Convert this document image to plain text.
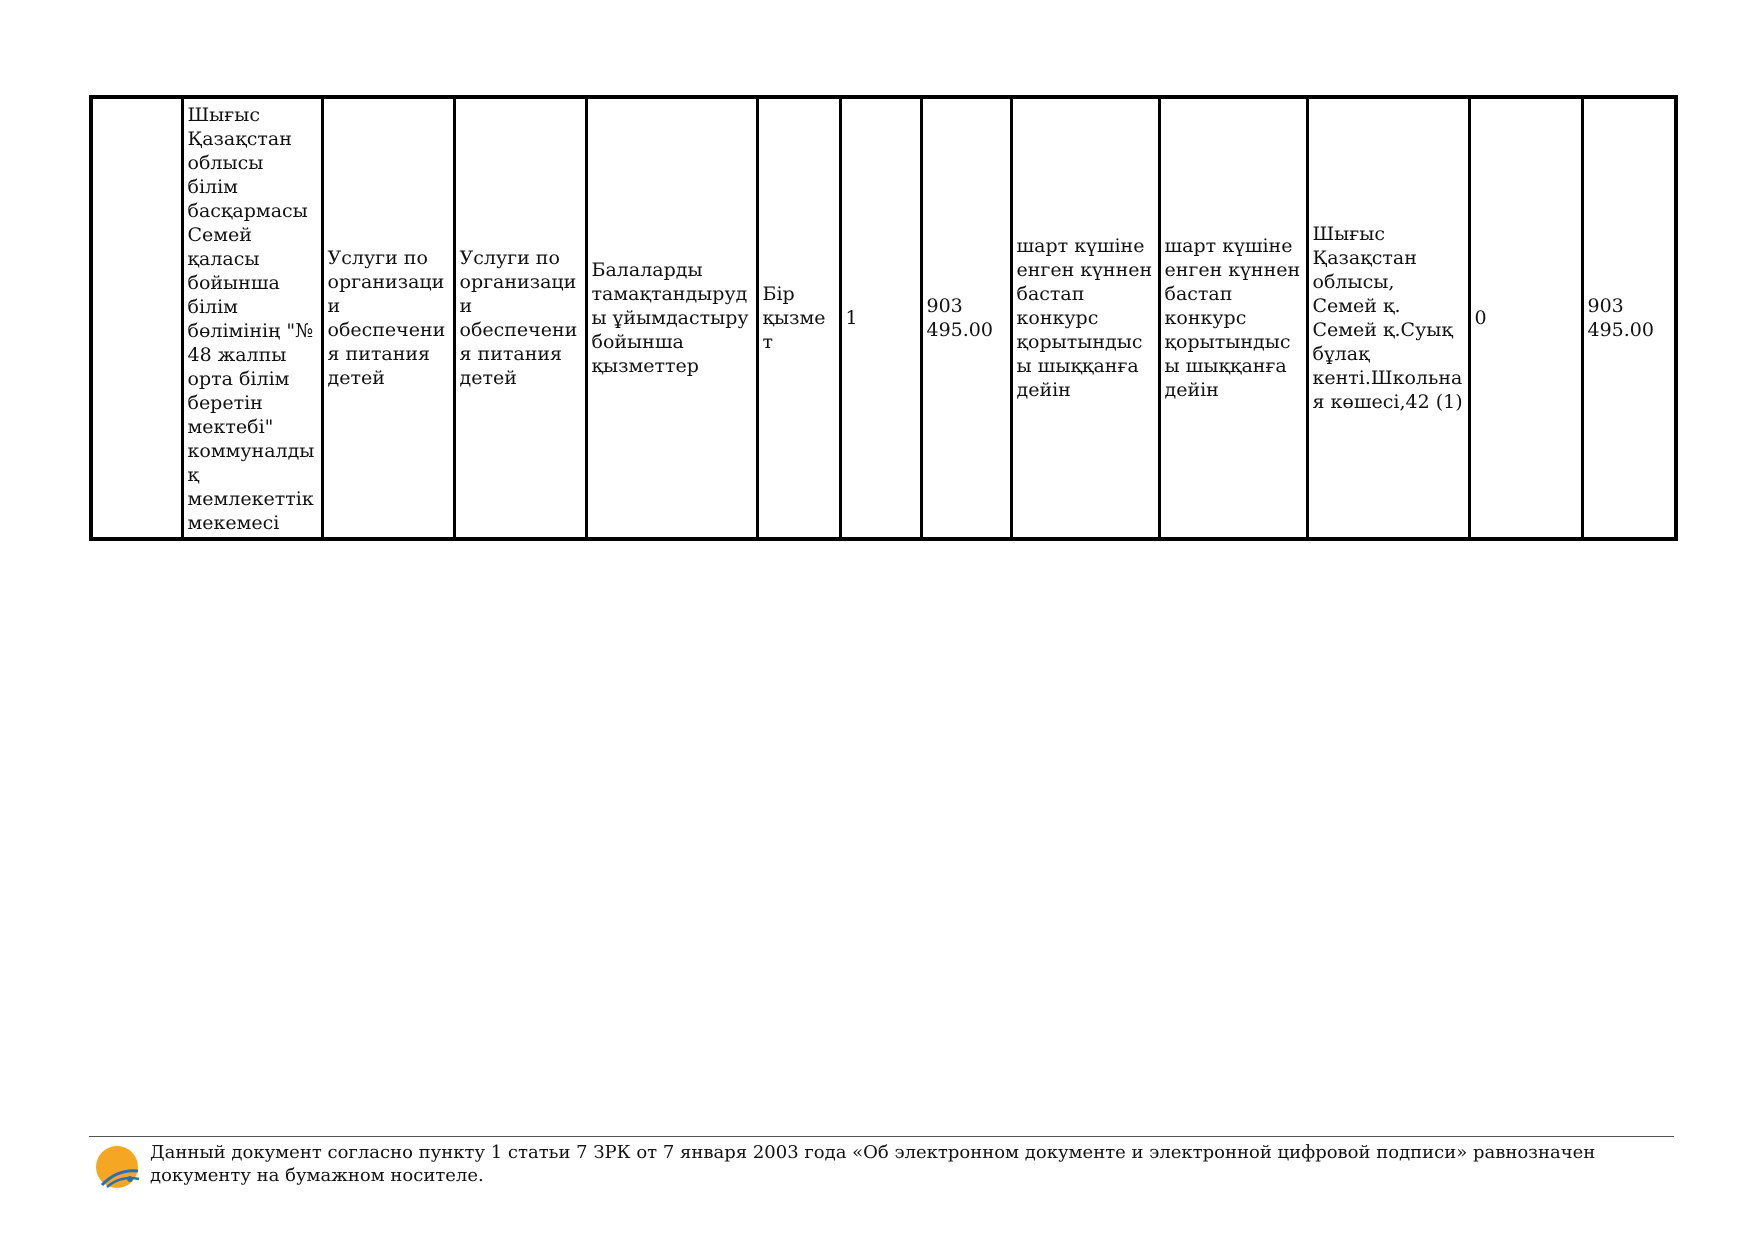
	Шығыс Қазақстан облысы білім басқармасы Семей қаласы бойынша білім бөлімінің "№ 48 жалпы орта білім беретін мектебі" коммуналдық мемлекеттік мекемесі	Услуги по организации обеспечения питания детей	Услуги по организации обеспечения питания детей	Балаларды тамақтандыруды ұйымдастыру бойынша қызметтер	Бір қызмет	1	903 495.00	шарт күшіне енген күннен бастап конкурс қорытындысы шыққанға дейін	шарт күшіне енген күннен бастап конкурс қорытындысы шыққанға дейін	Шығыс Қазақстан облысы, Семей қ. Семей қ.Суық бұлақ кенті.Школьная көшесі,42 (1)	0	903 495.00
Данный документ согласно пункту 1 статьи 7 ЗРК от 7 января 2003 года «Об электронном документе и электронной цифровой подписи» равнозначен документу на бумажном носителе.
